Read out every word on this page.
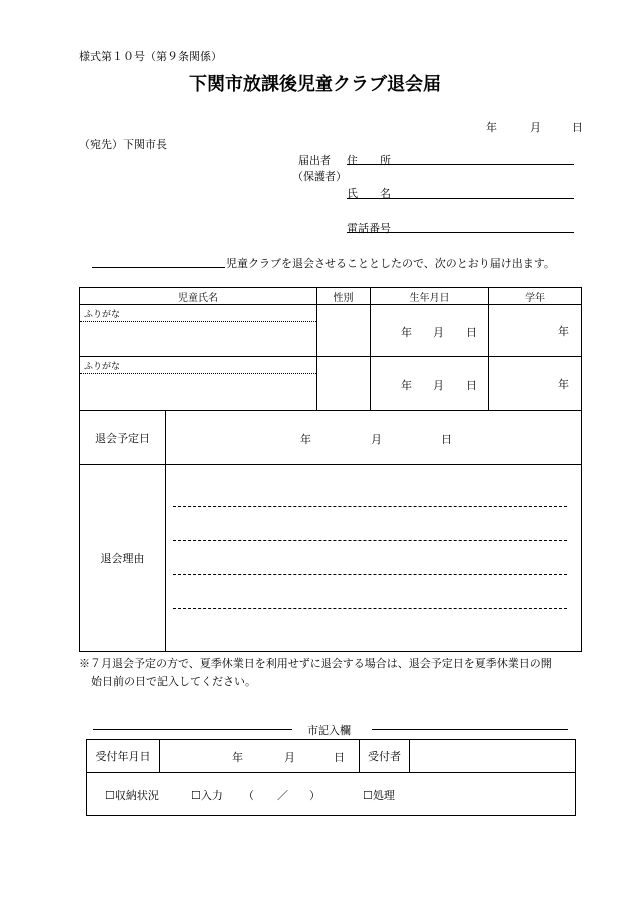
様式第１０号（第９条関係）
下関市放課後児童クラブ退会届
年	月	日
（宛先）下関市長
届出者
（保護者）
住　　所
氏　　名
電話番号
児童クラブを退会させることとしたので、次のとおり届け出ます。
児童氏名	性別	生年月日	学年

ふりがな		年 月 日	年

ふりがな		年 月 日	年
退会予定日	年 月 日

退会理由	
※７月退会予定の方で、夏季休業日を利用せずに退会する場合は、退会予定日を夏季休業日の開
始日前の日で記入してください。
市記入欄
受付年月日	年	月	日	受付者	

☐収納状況	☐入力 （ ／ ）	☐処理
